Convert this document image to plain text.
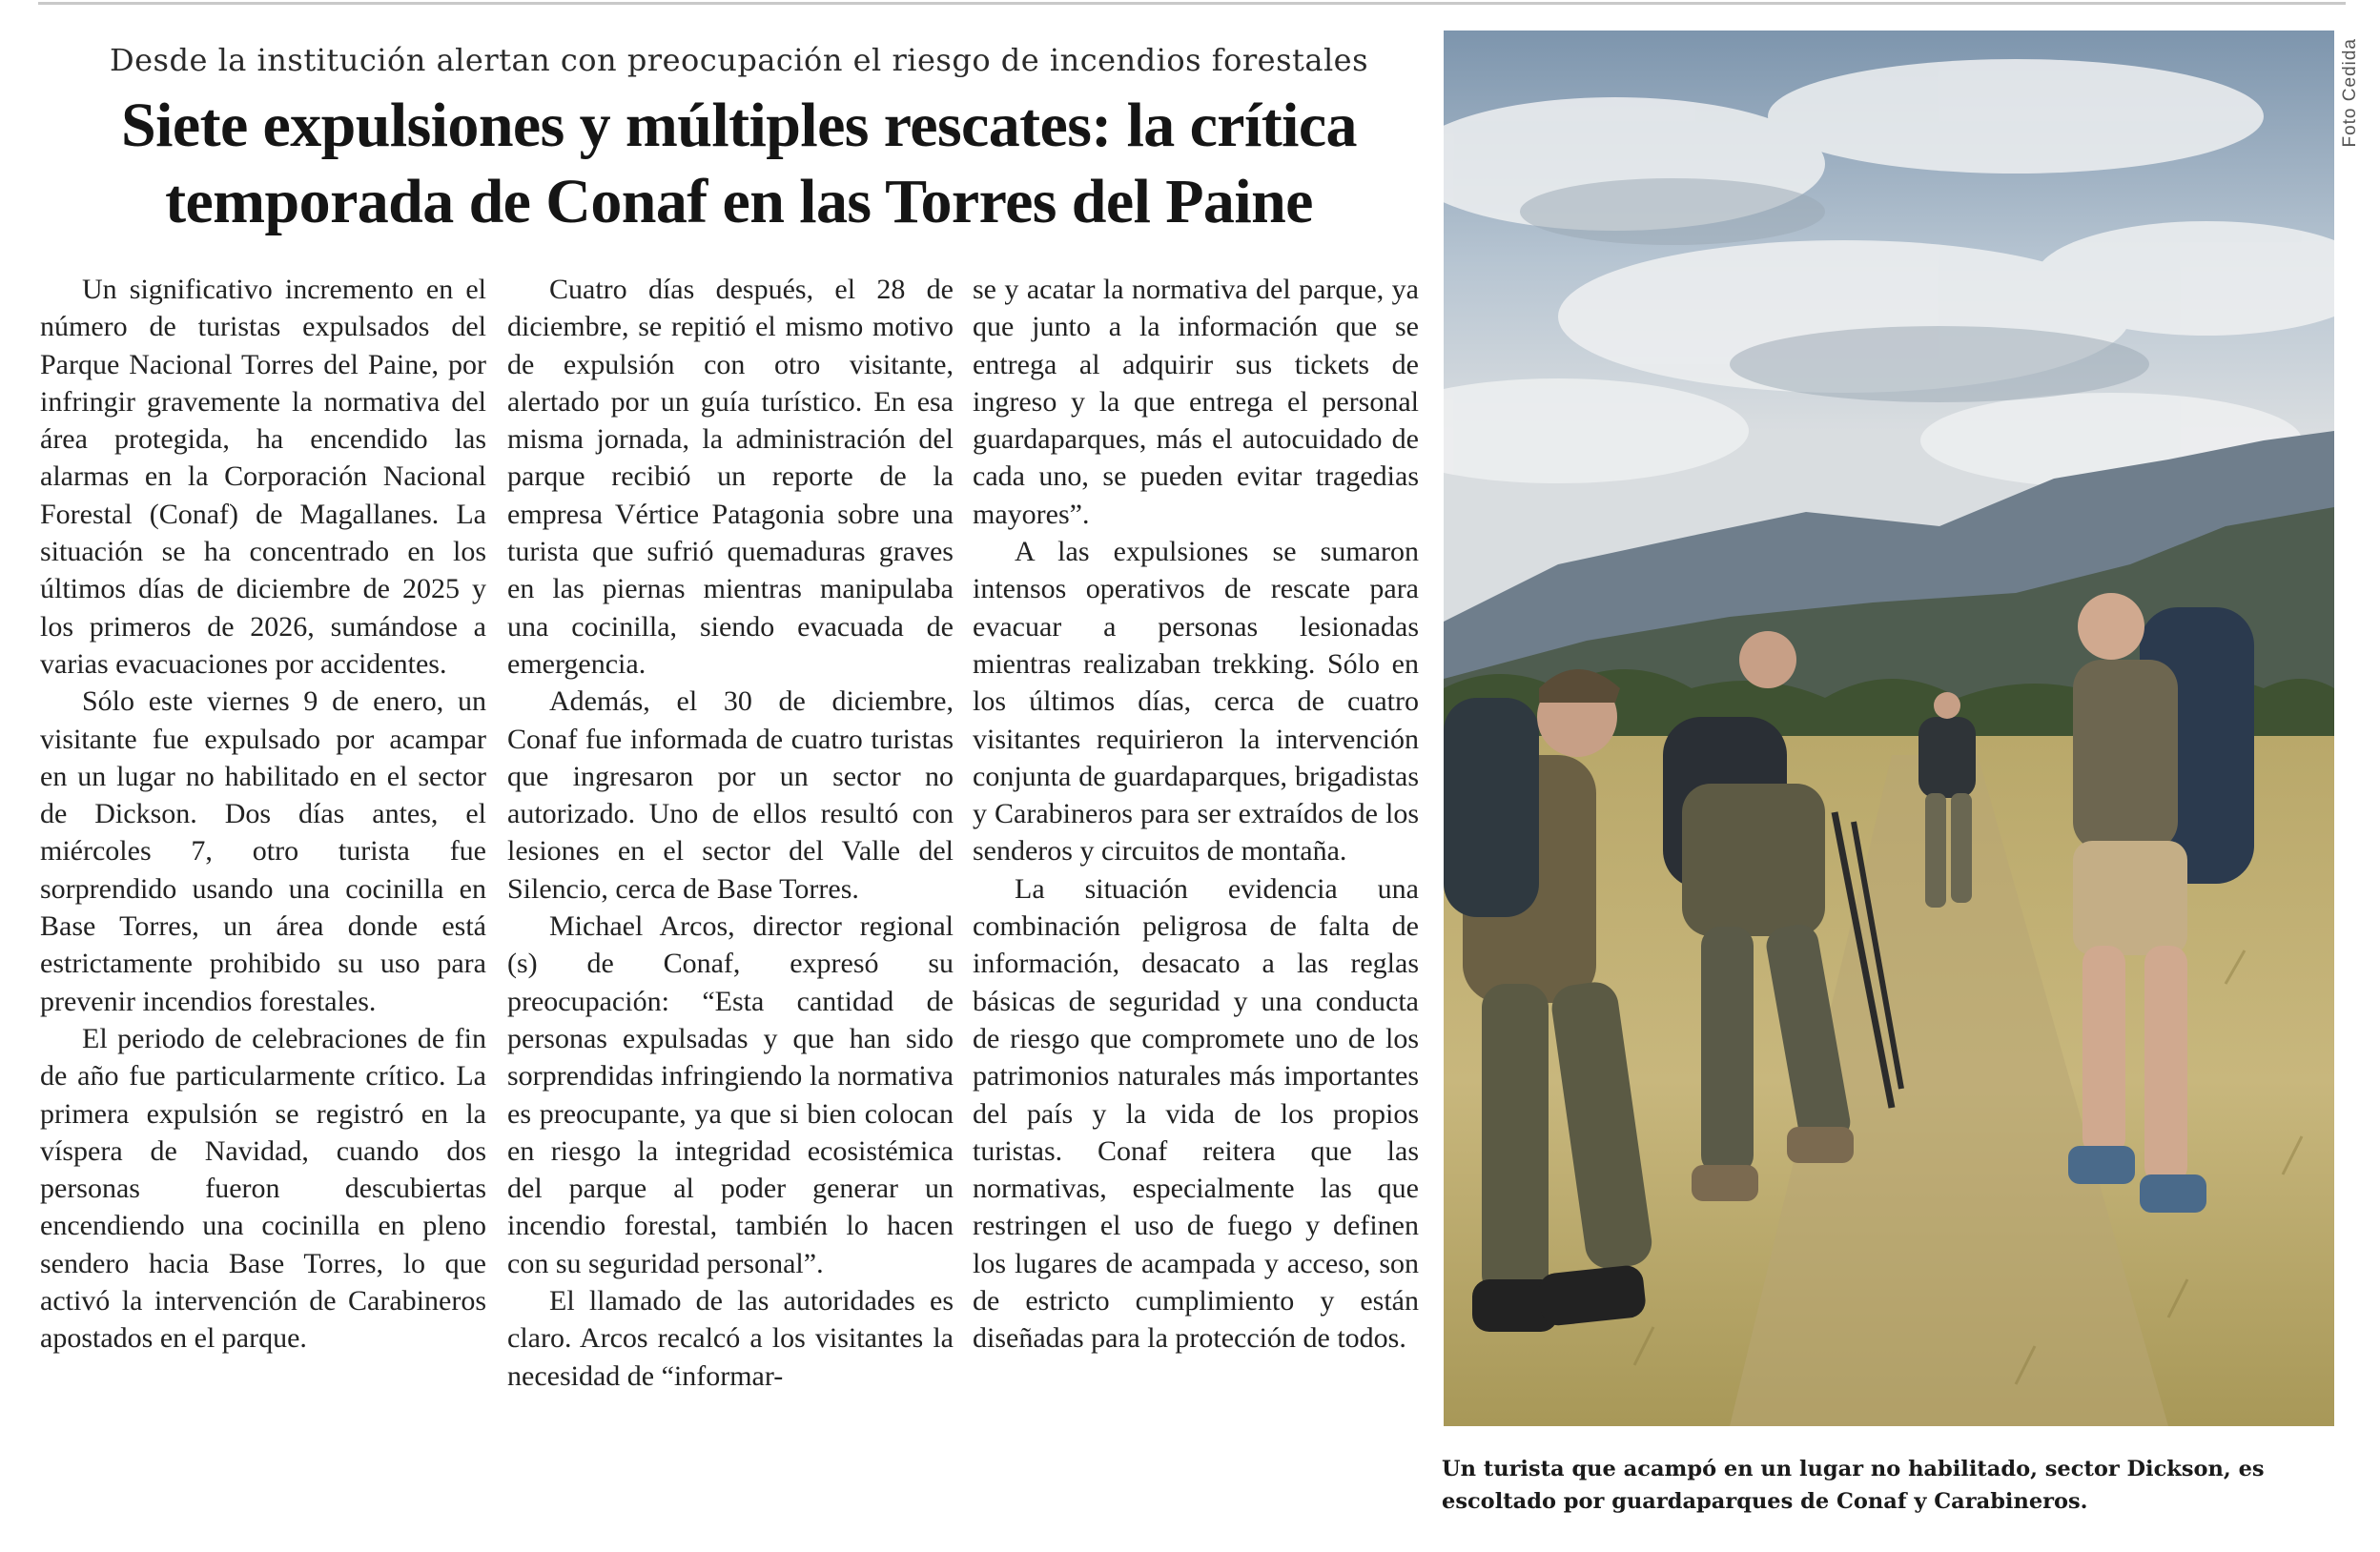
Desde la institución alertan con preocupación el riesgo de incendios forestales
Siete expulsiones y múltiples rescates: la crítica
temporada de Conaf en las Torres del Paine

Un significativo incremento en el número de turistas expulsados del Parque Nacional Torres del Paine, por infringir gravemente la normativa del área protegida, ha encendido las alarmas en la Corporación Nacional Forestal (Conaf) de Magallanes. La situación se ha concentrado en los últimos días de diciembre de 2025 y los primeros de 2026, sumándose a varias evacuaciones por accidentes.

Sólo este viernes 9 de enero, un visitante fue expulsado por acampar en un lugar no habilitado en el sector de Dickson. Dos días antes, el miércoles 7, otro turista fue sorprendido usando una cocinilla en Base Torres, un área donde está estrictamente prohibido su uso para prevenir incendios forestales.

El periodo de celebraciones de fin de año fue particularmente crítico. La primera expulsión se registró en la víspera de Navidad, cuando dos personas fueron descubiertas encendiendo una cocinilla en pleno sendero hacia Base Torres, lo que activó la intervención de Carabineros apostados en el parque.

Cuatro días después, el 28 de diciembre, se repitió el mismo motivo de expulsión con otro visitante, alertado por un guía turístico. En esa misma jornada, la administración del parque recibió un reporte de la empresa Vértice Patagonia sobre una turista que sufrió quemaduras graves en las piernas mientras manipulaba una cocinilla, siendo evacuada de emergencia.

Además, el 30 de diciembre, Conaf fue informada de cuatro turistas que ingresaron por un sector no autorizado. Uno de ellos resultó con lesiones en el sector del Valle del Silencio, cerca de Base Torres.

Michael Arcos, director regional (s) de Conaf, expresó su preocupación: “Esta cantidad de personas expulsadas y que han sido sorprendidas infringiendo la normativa es preocupante, ya que si bien colocan en riesgo la integridad ecosistémica del parque al poder generar un incendio forestal, también lo hacen con su seguridad personal”.

El llamado de las autoridades es claro. Arcos recalcó a los visitantes la necesidad de “informar-

se y acatar la normativa del parque, ya que junto a la información que se entrega al adquirir sus tickets de ingreso y la que entrega el personal guardaparques, más el autocuidado de cada uno, se pueden evitar tragedias mayores”.

A las expulsiones se sumaron intensos operativos de rescate para evacuar a personas lesionadas mientras realizaban trekking. Sólo en los últimos días, cerca de cuatro visitantes requirieron la intervención conjunta de guardaparques, brigadistas y Carabineros para ser extraídos de los senderos y circuitos de montaña.

La situación evidencia una combinación peligrosa de falta de información, desacato a las reglas básicas de seguridad y una conducta de riesgo que compromete uno de los patrimonios naturales más importantes del país y la vida de los propios turistas. Conaf reitera que las normativas, especialmente las que restringen el uso de fuego y definen los lugares de acampada y acceso, son de estricto cumplimiento y están diseñadas para la protección de todos.

Foto Cedida
Un turista que acampó en un lugar no habilitado, sector Dickson, es escoltado por guardaparques de Conaf y Carabineros.
